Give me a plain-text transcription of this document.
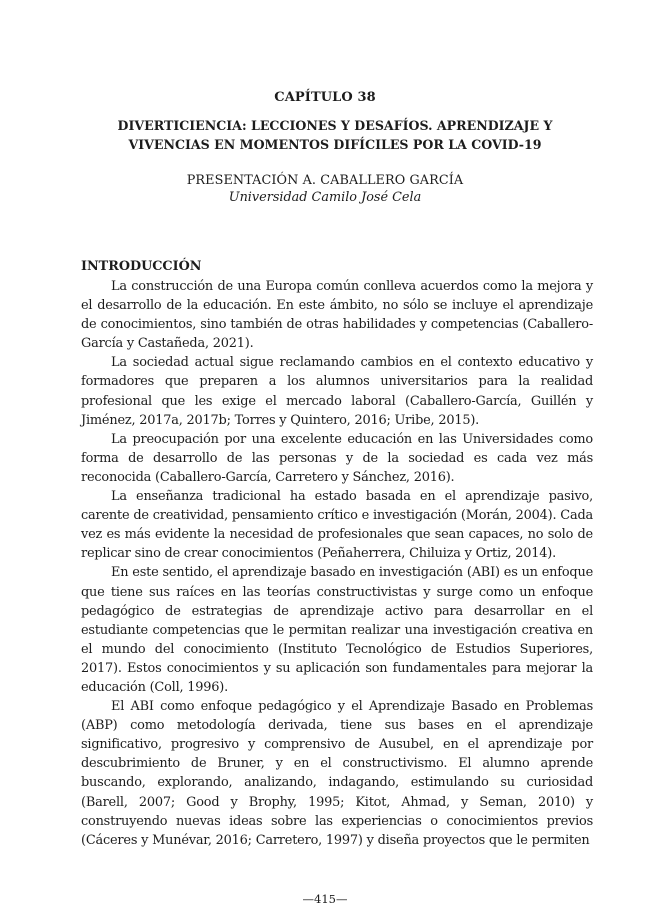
CAPÍTULO 38
DIVERTICIENCIA: LECCIONES Y DESAFÍOS. APRENDIZAJE Y VIVENCIAS EN MOMENTOS DIFÍCILES POR LA COVID-19
PRESENTACIÓN A. CABALLERO GARCÍA
Universidad Camilo José Cela
INTRODUCCIÓN

La construcción de una Europa común conlleva acuerdos como la mejora y el desarrollo de la educación. En este ámbito, no sólo se incluye el aprendizaje de conocimientos, sino también de otras habilidades y competencias (Caballero-García y Castañeda, 2021).

La sociedad actual sigue reclamando cambios en el contexto educativo y formadores que preparen a los alumnos universitarios para la realidad profesional que les exige el mercado laboral (Caballero-García, Guillén y Jiménez, 2017a, 2017b; Torres y Quintero, 2016; Uribe, 2015).

La preocupación por una excelente educación en las Universidades como forma de desarrollo de las personas y de la sociedad es cada vez más reconocida (Caballero-García, Carretero y Sánchez, 2016).

La enseñanza tradicional ha estado basada en el aprendizaje pasivo, carente de creatividad, pensamiento crítico e investigación (Morán, 2004). Cada vez es más evidente la necesidad de profesionales que sean capaces, no solo de replicar sino de crear conocimientos (Peñaherrera, Chiluiza y Ortiz, 2014).

En este sentido, el aprendizaje basado en investigación (ABI) es un enfoque que tiene sus raíces en las teorías constructivistas y surge como un enfoque pedagógico de estrategias de aprendizaje activo para desarrollar en el estudiante competencias que le permitan realizar una investigación creativa en el mundo del conocimiento (Instituto Tecnológico de Estudios Superiores, 2017). Estos conocimientos y su aplicación son fundamentales para mejorar la educación (Coll, 1996).

El ABI como enfoque pedagógico y el Aprendizaje Basado en Problemas (ABP) como metodología derivada, tiene sus bases en el aprendizaje significativo, progresivo y comprensivo de Ausubel, en el aprendizaje por descubrimiento de Bruner, y en el constructivismo. El alumno aprende buscando, explorando, analizando, indagando, estimulando su curiosidad (Barell, 2007; Good y Brophy, 1995; Kitot, Ahmad, y Seman, 2010) y construyendo nuevas ideas sobre las experiencias o conocimientos previos (Cáceres y Munévar, 2016; Carretero, 1997) y diseña proyectos que le permiten

—415—
